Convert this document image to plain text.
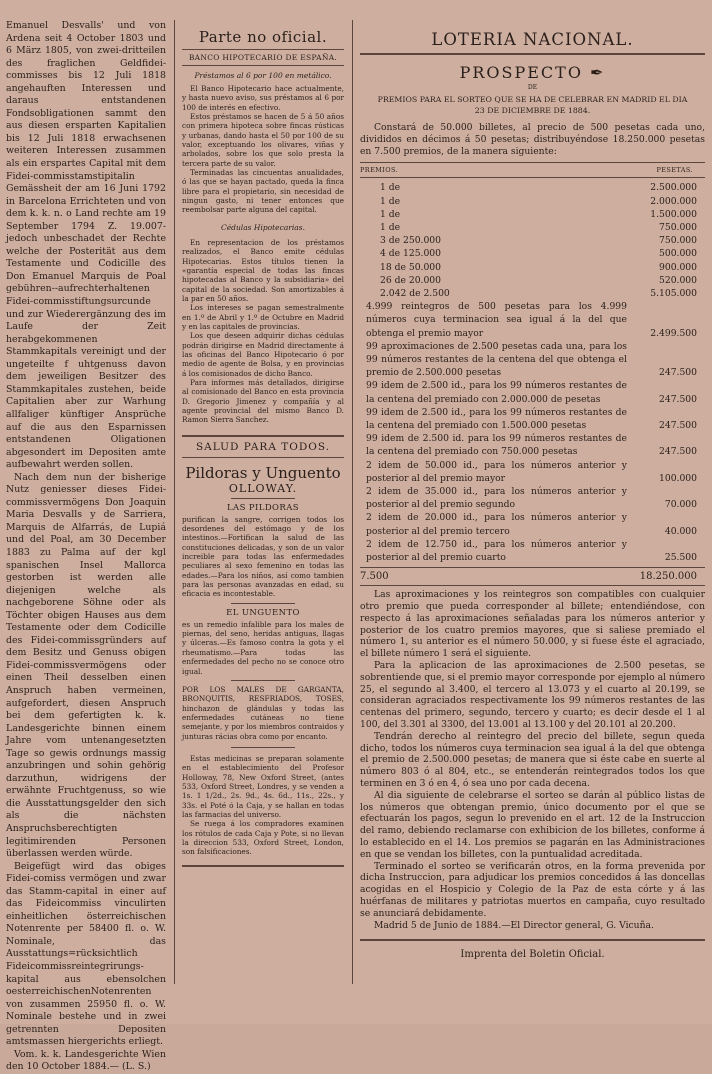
Emanuel Desvalls' und von Ardena seit 4 October 1803 und 6 März 1805, von zwei-dritteilen des fraglichen Geldfidei-commisses bis 12 Juli 1818 angehauften Interessen und daraus entstandenen Fondsobligationen sammt den aus diesen ersparten Kapitalien bis 12 Juli 1818 erwachsenen weiteren Interessen zusammen als ein erspartes Capital mit dem Fidei-commisstamstipitalin Gemässheit der am 16 Juni 1792 in Barcelona Errichteten und von dem k. k. n. o Land rechte am 19 September 1794 Z. 19.007-jedoch unbeschadet der Rechte welche der Posterität aus dem Testamente und Codicille des Don Emanuel Marquis de Poal gebühren--aufrechterhaltenen Fidei-commisstiftungsurcunde und zur Wiederergänzung des im Laufe der Zeit herabgekommenen Stammkapitals vereinigt und der ungeteilte f uhtgenuss davon dem jeweiligen Besitzer des Stammkapitales zustehen, beide Capitalien aber zur Warhung allfaliger künftiger Ansprüche auf die aus den Esparnissen entstandenen Oligationen abgesondert im Depositen amte aufbewahrt werden sollen.

Nach dem nun der bisherige Nutz geniesser dieses Fidei-commissvermögens Don Joaquin Maria Desvalls y de Sarriera, Marquis de Alfarrás, de Lupiá und del Poal, am 30 December 1883 zu Palma auf der kgl spanischen Insel Mallorca gestorben ist werden alle diejenigen welche als nachgeborene Söhne oder als Töchter obigen Hauses aus dem Testamente oder dem Codicille des Fidei-commissgründers auf dem Besitz und Genuss obigen Fidei-commissvermögens oder einen Theil desselben einen Anspruch haben vermeinen, aufgefordert, diesen Anspruch bei dem gefertigten k. k. Landesgerichte binnen einem Jahre vom untenangesetzten Tage so gewis ordnungs massig anzubringen und sohin gehörig darzuthun, widrigens der erwähnte Fruchtgenuss, so wie die Ausstattungsgelder den sich als die nächsten Anspruchsberechtigten legitimirenden Personen überlassen werden würde.

Beigefügt wird das obiges Fidei-comiss vermögen und zwar das Stamm-capital in einer auf das Fideicommiss vinculirten einheitlichen österreichischen Notenrente per 58400 fl. o. W. Nominale, das Ausstattungs=rücksichtlich Fideicommissreintegrirungs-kapital aus ebensolchen oesterreichischenNotenrenten von zusammen 25950 fl. o. W. Nominale bestehe und in zwei getrennten Depositen amtsmassen hiergerichts erliegt.

Vom. k. k. Landesgerichte Wien den 10 October 1884.— (L. S.)

Parte no oficial.
BANCO HIPOTECARIO DE ESPAÑA.
Préstamos al 6 por 100 en metálico.

El Banco Hipotecario hace actualmente, y hasta nuevo aviso, sus préstamos al 6 por 100 de interés en efectivo.

Estos préstamos se hacen de 5 á 50 años con primera hipoteca sobre fincas rústicas y urbanas, dando hasta el 50 por 100 de su valor, exceptuando los olivares, viñas y arbolados, sobre los que solo presta la tercera parte de su valor.

Terminadas las cincuentas anualidades, ó las que se hayan pactado, queda la finca libre para el propietario, sin necesidad de ningun gasto, ni tener entonces que reembolsar parte alguna del capital.

Cédulas Hipotecarias.

En representacion de los préstamos realizados, el Banco emite cédulas Hipotecarias. Estos títulos tienen la «garantía especial de todas las fincas hipotecadas al Banco y la subsidiaria» del capital de la sociedad. Son amortizables á la par en 50 años.

Los intereses se pagan semestralmente en 1.º de Abril y 1.º de Octubre en Madrid y en las capitales de provincias.

Los que deseen adquirir dichas cédulas podrán dirigirse en Madrid directamente á las oficinas del Banco Hipotecario ó por medio de agente de Bolsa, y en provincias á los comisionados de dicho Banco.

Para informes más detallados, dirigirse al comisionado del Banco en esta provincia D. Gregorio Jimenez y compañía y al agente provincial del mismo Banco D. Ramon Sierra Sanchez.

SALUD PARA TODOS.
Pildoras y Unguento
OLLOWAY.
LAS PILDORAS

purifican la sangre, corrigen todos los desordenes del estómago y de los intestinos.—Fortifican la salud de las constituciones delicadas, y son de un valor increible para todas las enfermedades peculiares al sexo femenino en todas las edades.—Para los niños, así como tambien para las personas avanzadas en edad, su eficacia es incontestable.

EL UNGUENTO

es un remedio infalible para los males de piernas, del seno, heridas antiguas, llagas y úlceras.—Es famoso contra la gota y el rheumatismo.—Para todas las enfermedades del pecho no se conoce otro igual.

POR LOS MALES DE GARGANTA, BRONQUITIS, RESFRIADOS, TOSES, hinchazon de glándulas y todas las enfermedades cutáneas no tiene semejante, y por los miembros contraidos y junturas rácias obra como por encanto.

Estas medicinas se preparan solamente en el establecimiento del Profesor Holloway, 78, New Oxford Street, (antes 533, Oxford Street, Londres, y se venden a 1s. 1 1/2d., 2s. 9d., 4s. 6d., 11s., 22s., y 33s. el Poté ó la Caja, y se hallan en todas las farmacias del universo.

Se ruega á los compradores examinen los rótulos de cada Caja y Pote, si no llevan la direccion 533, Oxford Street, London, son falsificaciones.

LOTERIA NACIONAL.
PROSPECTO ✒
DE
PREMIOS PARA EL SORTEO QUE SE HA DE CELEBRAR EN MADRID EL DIA 23 DE DICIEMBRE DE 1884.

Constará de 50.000 billetes, al precio de 500 pesetas cada uno, divididos en décimos á 50 pesetas; distribuyéndose 18.250.000 pesetas en 7.500 premios, de la manera siguiente:

PREMIOS.	PESETAS.
1 de	2.500.000
1 de	2.000.000
1 de	1.500.000
1 de	750.000
3 de 250.000	750.000
4 de 125.000	500.000
18 de 50.000	900.000
26 de 20.000	520.000
2.042 de 2.500	5.105.000
4.999 reintegros de 500 pesetas para los 4.999 números cuya terminacion sea igual á la del que obtenga el premio mayor	2.499.500
99 aproximaciones de 2.500 pesetas cada una, para los 99 números restantes de la centena del que obtenga el premio de 2.500.000 pesetas	247.500
99 idem de 2.500 id., para los 99 números restantes de la centena del premiado con 2.000.000 de pesetas	247.500
99 idem de 2.500 id., para los 99 números restantes de la centena del premiado con 1.500.000 pesetas	247.500
99 idem de 2.500 id. para los 99 números restantes de la centena del premiado con 750.000 pesetas	247.500
2 idem de 50.000 id., para los números anterior y posterior al del premio mayor	100.000
2 idem de 35.000 id., para los números anterior y posterior al del premio segundo	70.000
2 idem de 20.000 id., para los números anterior y posterior al del premio tercero	40.000
2 idem de 12.750 id., para los números anterior y posterior al del premio cuarto	25.500
7.500	18.250.000

Las aproximaciones y los reintegros son compatibles con cualquier otro premio que pueda corresponder al billete; entendiéndose, con respecto á las aproximaciones señaladas para los números anterior y posterior de los cuatro premios mayores, que si saliese premiado el número 1, su anterior es el número 50.000, y si fuese éste el agraciado, el billete número 1 será el siguiente.

Para la aplicacion de las aproximaciones de 2.500 pesetas, se sobrentiende que, si el premio mayor corresponde por ejemplo al número 25, el segundo al 3.400, el tercero al 13.073 y el cuarto al 20.199, se consideran agraciados respectivamente los 99 números restantes de las centenas del primero, segundo, tercero y cuarto; es decir desde el 1 al 100, del 3.301 al 3300, del 13.001 al 13.100 y del 20.101 al 20.200.

Tendrán derecho al reintegro del precio del billete, segun queda dicho, todos los números cuya terminacion sea igual á la del que obtenga el premio de 2.500.000 pesetas; de manera que si éste cabe en suerte al número 803 ó al 804, etc., se entenderán reintegrados todos los que terminen en 3 ó en 4, ó sea uno por cada decena.

Al dia siguiente de celebrarse el sorteo se darán al público listas de los números que obtengan premio, único documento por el que se efectuarán los pagos, segun lo prevenido en el art. 12 de la Instruccion del ramo, debiendo reclamarse con exhibicion de los billetes, conforme á lo establecido en el 14. Los premios se pagarán en las Administraciones en que se vendan los billetes, con la puntualidad acreditada.

Terminado el sorteo se verificarán otros, en la forma prevenida por dicha Instruccion, para adjudicar los premios concedidos á las doncellas acogidas en el Hospicio y Colegio de la Paz de esta córte y á las huérfanas de militares y patriotas muertos en campaña, cuyo resultado se anunciará debidamente.

Madrid 5 de Junio de 1884.—El Director general, G. Vicuña.

Imprenta del Boletin Oficial.
